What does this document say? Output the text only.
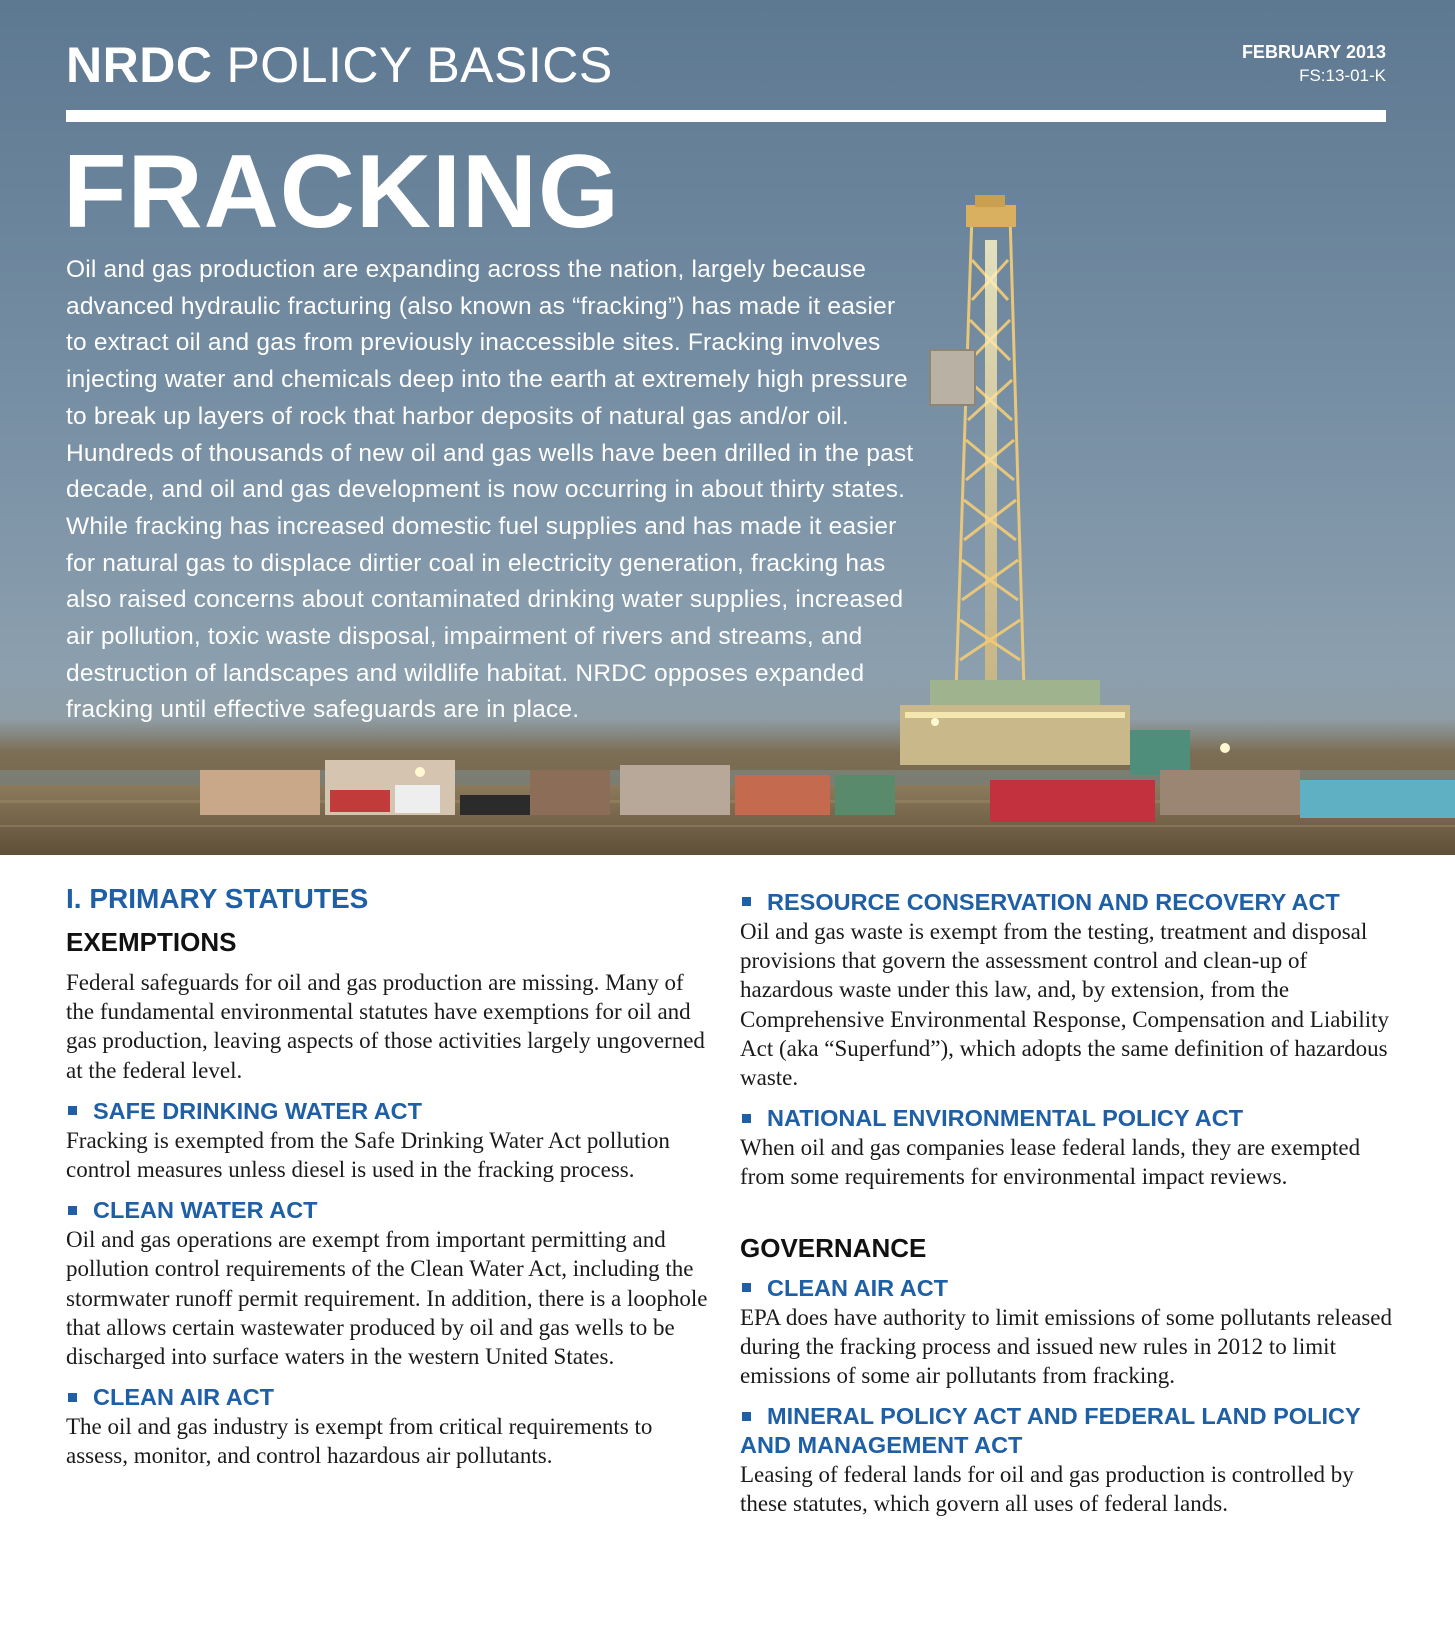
NRDC POLICY BASICS	FEBRUARY 2013
FS:13-01-K
FRACKING

Oil and gas production are expanding across the nation, largely because advanced hydraulic fracturing (also known as “fracking”) has made it easier to extract oil and gas from previously inaccessible sites. Fracking involves injecting water and chemicals deep into the earth at extremely high pressure to break up layers of rock that harbor deposits of natural gas and/or oil. Hundreds of thousands of new oil and gas wells have been drilled in the past decade, and oil and gas development is now occurring in about thirty states. While fracking has increased domestic fuel supplies and has made it easier for natural gas to displace dirtier coal in electricity generation, fracking has also raised concerns about contaminated drinking water supplies, increased air pollution, toxic waste disposal, impairment of rivers and streams, and destruction of landscapes and wildlife habitat. NRDC opposes expanded fracking until effective safeguards are in place.

I. PRIMARY STATUTES
EXEMPTIONS

Federal safeguards for oil and gas production are missing. Many of the fundamental environmental statutes have exemptions for oil and gas production, leaving aspects of those activities largely ungoverned at the federal level.

SAFE DRINKING WATER ACT

Fracking is exempted from the Safe Drinking Water Act pollution control measures unless diesel is used in the fracking process.

CLEAN WATER ACT

Oil and gas operations are exempt from important permitting and pollution control requirements of the Clean Water Act, including the stormwater runoff permit requirement. In addition, there is a loophole that allows certain wastewater produced by oil and gas wells to be discharged into surface waters in the western United States.

CLEAN AIR ACT

The oil and gas industry is exempt from critical requirements to assess, monitor, and control hazardous air pollutants.

RESOURCE CONSERVATION AND RECOVERY ACT

Oil and gas waste is exempt from the testing, treatment and disposal provisions that govern the assessment control and clean-up of hazardous waste under this law, and, by extension, from the Comprehensive Environmental Response, Compensation and Liability Act (aka “Superfund”), which adopts the same definition of hazardous waste.

NATIONAL ENVIRONMENTAL POLICY ACT

When oil and gas companies lease federal lands, they are exempted from some requirements for environmental impact reviews.

GOVERNANCE
CLEAN AIR ACT

EPA does have authority to limit emissions of some pollutants released during the fracking process and issued new rules in 2012 to limit emissions of some air pollutants from fracking.

MINERAL POLICY ACT AND FEDERAL LAND POLICY AND MANAGEMENT ACT

Leasing of federal lands for oil and gas production is controlled by these statutes, which govern all uses of federal lands.
